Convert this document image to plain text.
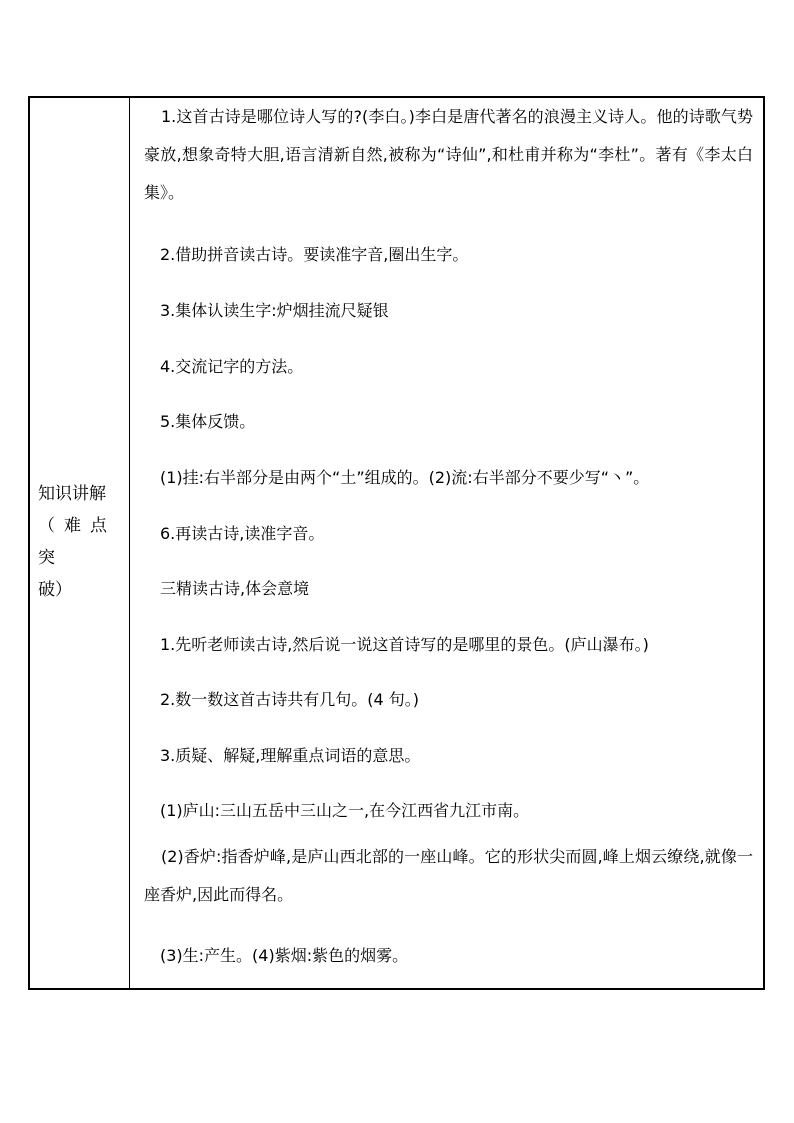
知识讲解
（难点突
破）
1.这首古诗是哪位诗人写的?(李白。)李白是唐代著名的浪漫主义诗人。他的诗歌气势豪放,想象奇特大胆,语言清新自然,被称为“诗仙”,和杜甫并称为“李杜”。著有《李太白集》。
2.借助拼音读古诗。要读准字音,圈出生字。
3.集体认读生字:炉烟挂流尺疑银
4.交流记字的方法。
5.集体反馈。
(1)挂:右半部分是由两个“土”组成的。(2)流:右半部分不要少写“丶”。
6.再读古诗,读准字音。
三精读古诗,体会意境
1.先听老师读古诗,然后说一说这首诗写的是哪里的景色。(庐山瀑布。)
2.数一数这首古诗共有几句。(4 句。)
3.质疑、解疑,理解重点词语的意思。
(1)庐山:三山五岳中三山之一,在今江西省九江市南。
(2)香炉:指香炉峰,是庐山西北部的一座山峰。它的形状尖而圆,峰上烟云缭绕,就像一座香炉,因此而得名。
(3)生:产生。(4)紫烟:紫色的烟雾。
